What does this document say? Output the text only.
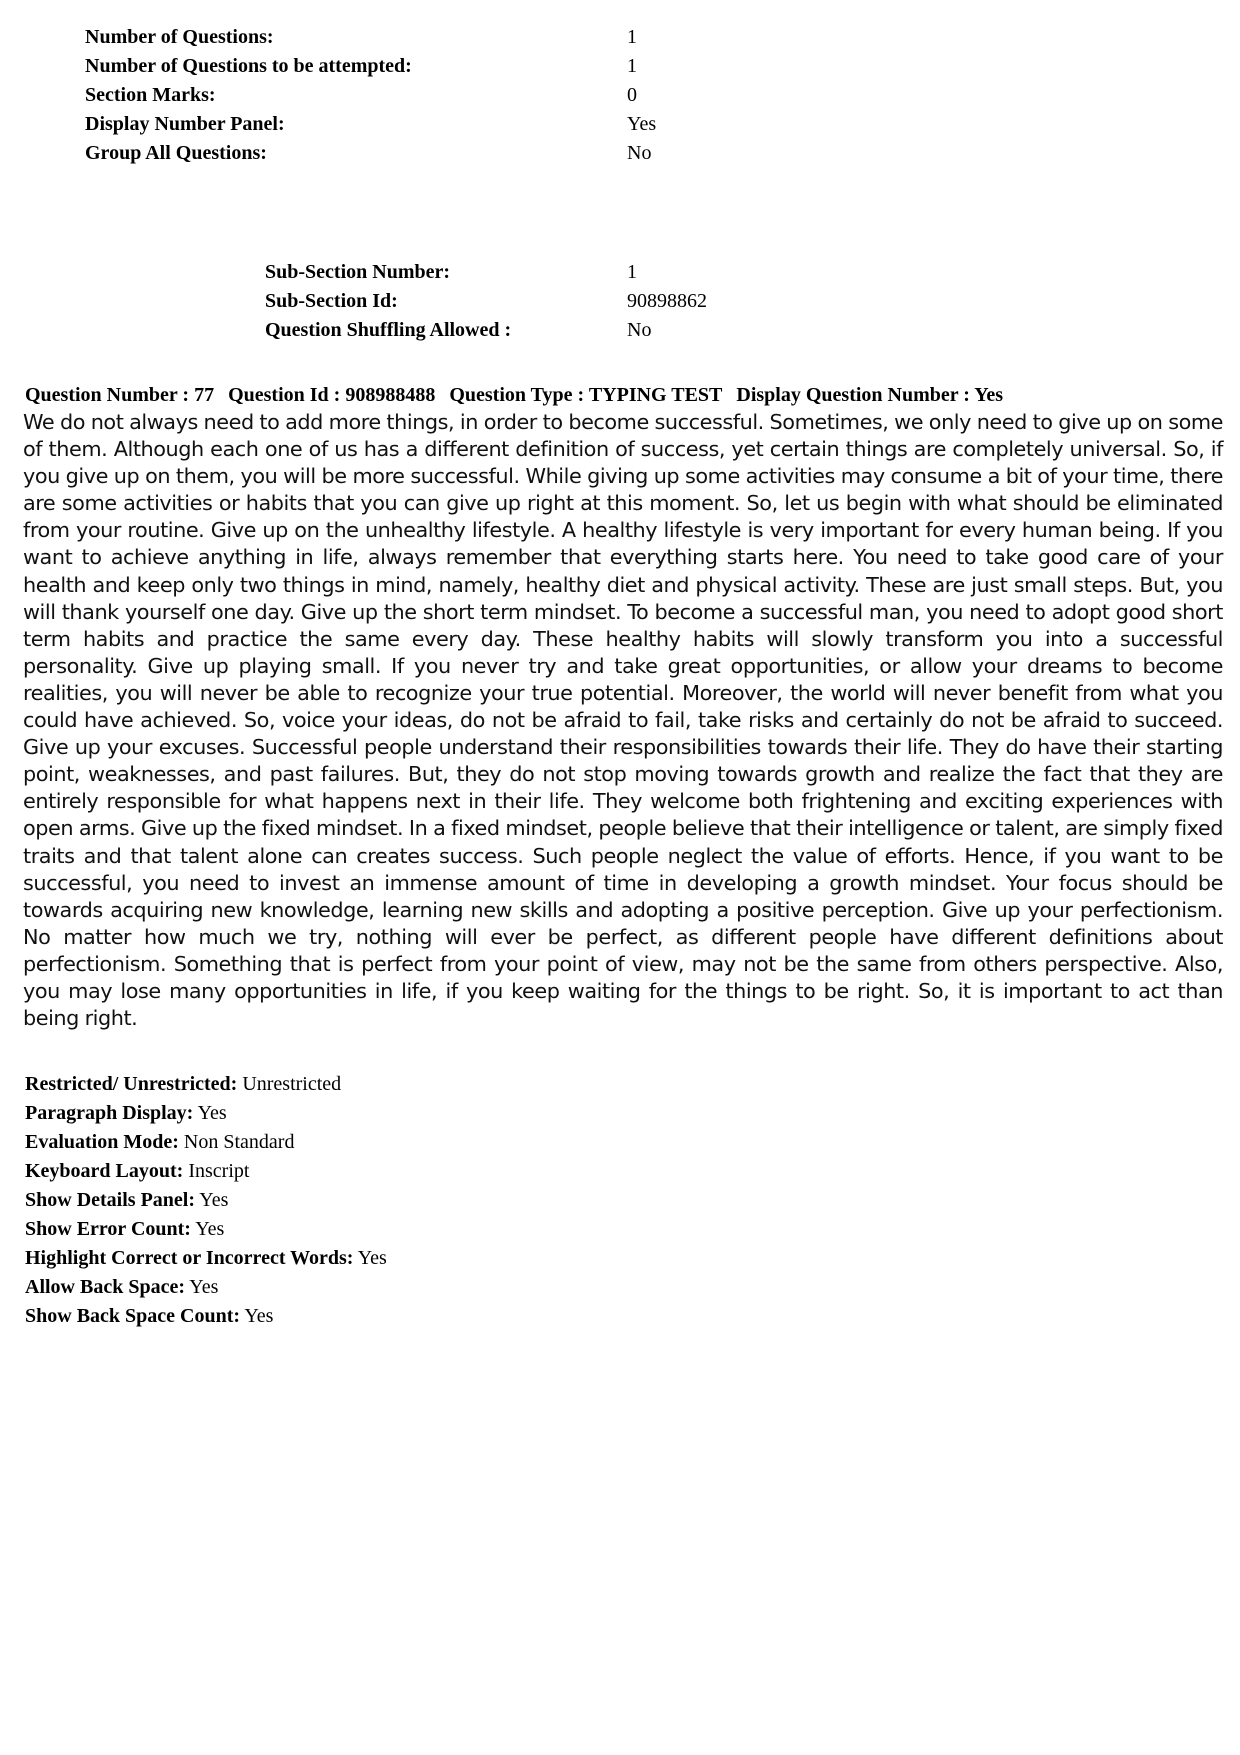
Number of Questions:	1
Number of Questions to be attempted:	1
Section Marks:	0
Display Number Panel:	Yes
Group All Questions:	No
Sub-Section Number:	1
Sub-Section Id:	90898862
Question Shuffling Allowed :	No
Question Number : 77 Question Id : 908988488 Question Type : TYPING TEST Display Question Number : Yes
We do not always need to add more things, in order to become successful. Sometimes, we only need to give up on some of them. Although each one of us has a different definition of success, yet certain things are completely universal. So, if you give up on them, you will be more successful. While giving up some activities may consume a bit of your time, there are some activities or habits that you can give up right at this moment. So, let us begin with what should be eliminated from your routine. Give up on the unhealthy lifestyle. A healthy lifestyle is very important for every human being. If you want to achieve anything in life, always remember that everything starts here. You need to take good care of your health and keep only two things in mind, namely, healthy diet and physical activity. These are just small steps. But, you will thank yourself one day. Give up the short term mindset. To become a successful man, you need to adopt good short term habits and practice the same every day. These healthy habits will slowly transform you into a successful personality. Give up playing small. If you never try and take great opportunities, or allow your dreams to become realities, you will never be able to recognize your true potential. Moreover, the world will never benefit from what you could have achieved. So, voice your ideas, do not be afraid to fail, take risks and certainly do not be afraid to succeed. Give up your excuses. Successful people understand their responsibilities towards their life. They do have their starting point, weaknesses, and past failures. But, they do not stop moving towards growth and realize the fact that they are entirely responsible for what happens next in their life. They welcome both frightening and exciting experiences with open arms. Give up the fixed mindset. In a fixed mindset, people believe that their intelligence or talent, are simply fixed traits and that talent alone can creates success. Such people neglect the value of efforts. Hence, if you want to be successful, you need to invest an immense amount of time in developing a growth mindset. Your focus should be towards acquiring new knowledge, learning new skills and adopting a positive perception. Give up your perfectionism. No matter how much we try, nothing will ever be perfect, as different people have different definitions about perfectionism. Something that is perfect from your point of view, may not be the same from others perspective. Also, you may lose many opportunities in life, if you keep waiting for the things to be right. So, it is important to act than being right.
Restricted/ Unrestricted: Unrestricted
Paragraph Display: Yes
Evaluation Mode: Non Standard
Keyboard Layout: Inscript
Show Details Panel: Yes
Show Error Count: Yes
Highlight Correct or Incorrect Words: Yes
Allow Back Space: Yes
Show Back Space Count: Yes
